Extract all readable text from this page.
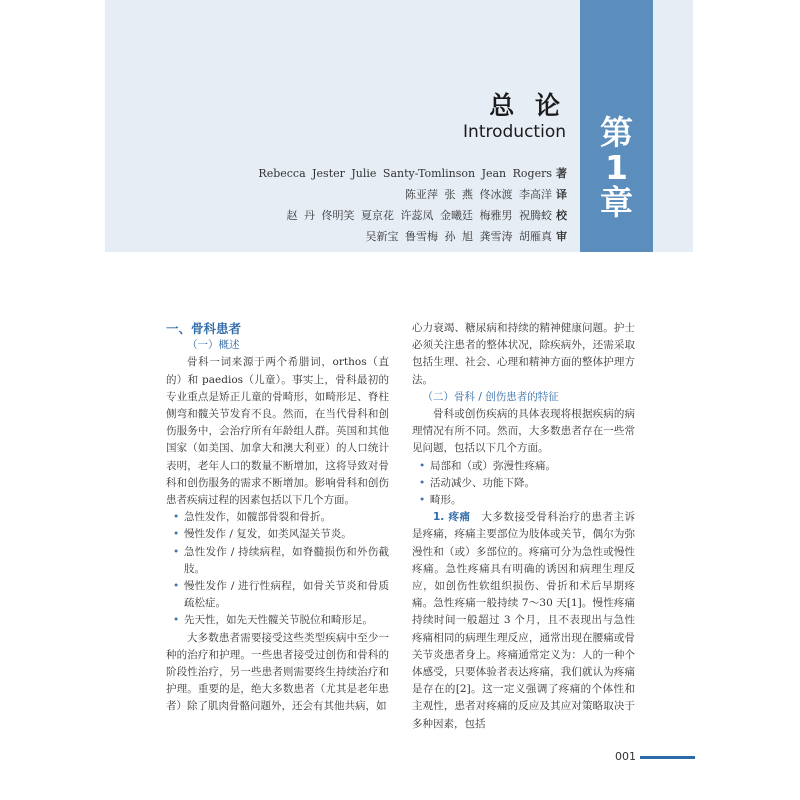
第
1
章
总 论
Introduction
Rebecca Jester Julie Santy-Tomlinson Jean Rogers 著
陈亚萍 张 燕 佟冰渡 李高洋 译
赵 丹 佟明笑 夏京花 许蕊凤 金曦廷 梅雅男 祝腾蛟 校
吴新宝 鲁雪梅 孙 旭 龚雪涛 胡雁真 审

一、骨科患者

（一）概述

骨科一词来源于两个希腊词，orthos（直的）和 paedios（儿童）。事实上，骨科最初的专业重点是矫正儿童的骨畸形，如畸形足、脊柱侧弯和髋关节发育不良。然而，在当代骨科和创伤服务中，会治疗所有年龄组人群。英国和其他国家（如美国、加拿大和澳大利亚）的人口统计表明，老年人口的数量不断增加，这将导致对骨科和创伤服务的需求不断增加。影响骨科和创伤患者疾病过程的因素包括以下几个方面。

• 急性发作，如髋部骨裂和骨折。
• 慢性发作 / 复发，如类风湿关节炎。
• 急性发作 / 持续病程，如脊髓损伤和外伤截肢。
• 慢性发作 / 进行性病程，如骨关节炎和骨质疏松症。
• 先天性，如先天性髋关节脱位和畸形足。

大多数患者需要接受这些类型疾病中至少一种的治疗和护理。一些患者接受过创伤和骨科的阶段性治疗，另一些患者则需要终生持续治疗和护理。重要的是，绝大多数患者（尤其是老年患者）除了肌肉骨骼问题外，还会有其他共病，如

心力衰竭、糖尿病和持续的精神健康问题。护士必须关注患者的整体状况，除疾病外，还需采取包括生理、社会、心理和精神方面的整体护理方法。

（二）骨科 / 创伤患者的特征

骨科或创伤疾病的具体表现将根据疾病的病理情况有所不同。然而，大多数患者存在一些常见问题，包括以下几个方面。

• 局部和（或）弥漫性疼痛。
• 活动减少、功能下降。
• 畸形。

1. 疼痛　 大多数接受骨科治疗的患者主诉是疼痛，疼痛主要部位为肢体或关节，偶尔为弥漫性和（或）多部位的。疼痛可分为急性或慢性疼痛。急性疼痛具有明确的诱因和病理生理反应，如创伤性软组织损伤、骨折和术后早期疼痛。急性疼痛一般持续 7～30 天[1]。慢性疼痛持续时间一般超过 3 个月，且不表现出与急性疼痛相同的病理生理反应，通常出现在腰痛或骨关节炎患者身上。疼痛通常定义为：人的一种个体感受，只要体验者表达疼痛，我们就认为疼痛是存在的[2]。这一定义强调了疼痛的个体性和主观性，患者对疼痛的反应及其应对策略取决于多种因素，包括

001
